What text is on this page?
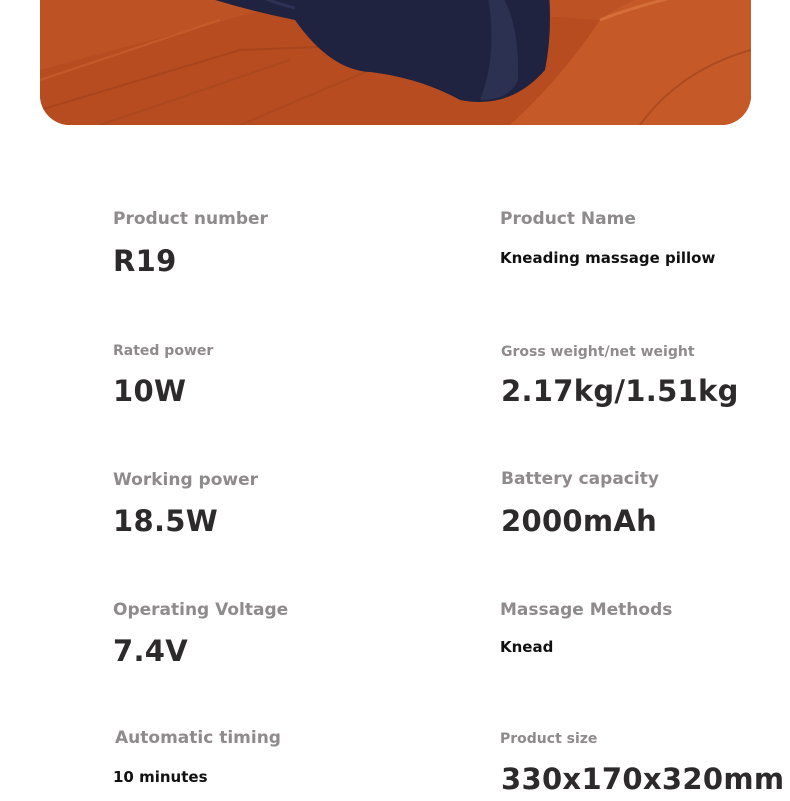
Product number
R19
Product Name
Kneading massage pillow
Rated power
10W
Gross weight/net weight
2.17kg/1.51kg
Working power
18.5W
Battery capacity
2000mAh
Operating Voltage
7.4V
Massage Methods
Knead
Automatic timing
10 minutes
Product size
330x170x320mm
